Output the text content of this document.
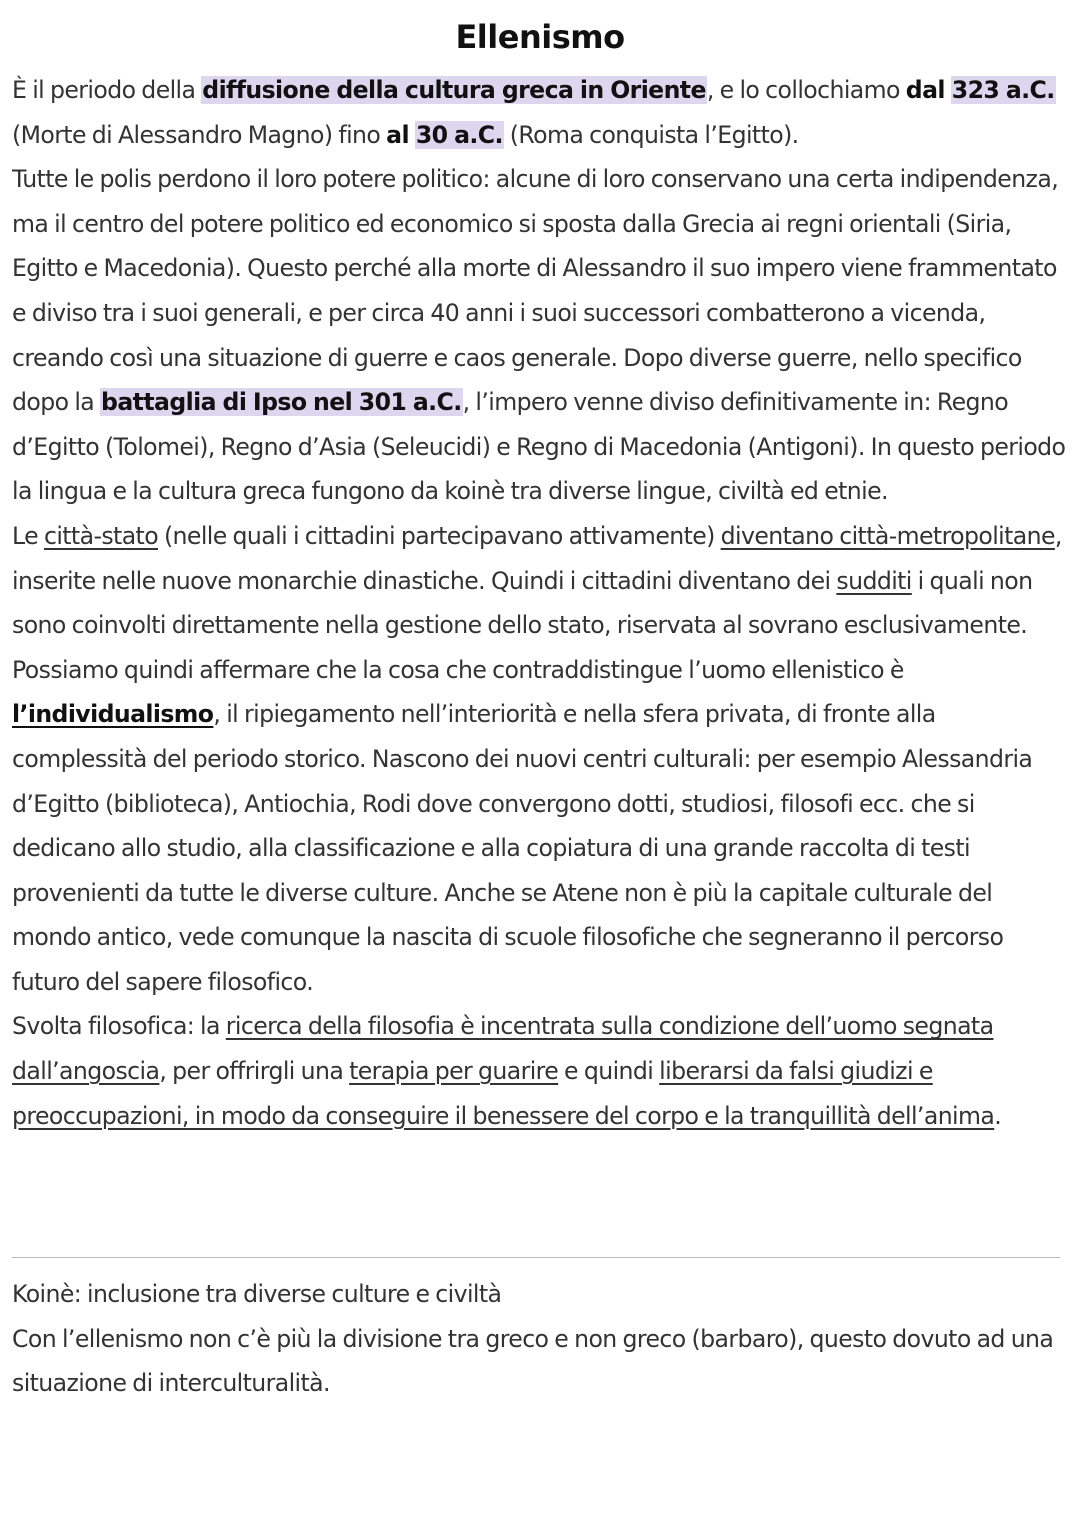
Ellenismo

È il periodo della diffusione della cultura greca in Oriente, e lo collochiamo dal 323 a.C. (Morte di Alessandro Magno) fino al 30 a.C. (Roma conquista l’Egitto).

Tutte le polis perdono il loro potere politico: alcune di loro conservano una certa indipendenza, ma il centro del potere politico ed economico si sposta dalla Grecia ai regni orientali (Siria, Egitto e Macedonia). Questo perché alla morte di Alessandro il suo impero viene frammentato e diviso tra i suoi generali, e per circa 40 anni i suoi successori combatterono a vicenda, creando così una situazione di guerre e caos generale. Dopo diverse guerre, nello specifico dopo la battaglia di Ipso nel 301 a.C., l’impero venne diviso definitivamente in: Regno d’Egitto (Tolomei), Regno d’Asia (Seleucidi) e Regno di Macedonia (Antigoni). In questo periodo la lingua e la cultura greca fungono da koinè tra diverse lingue, civiltà ed etnie.

Le città-stato (nelle quali i cittadini partecipavano attivamente) diventano città-metropolitane, inserite nelle nuove monarchie dinastiche. Quindi i cittadini diventano dei sudditi i quali non sono coinvolti direttamente nella gestione dello stato, riservata al sovrano esclusivamente. Possiamo quindi affermare che la cosa che contraddistingue l’uomo ellenistico è l’individualismo, il ripiegamento nell’interiorità e nella sfera privata, di fronte alla complessità del periodo storico. Nascono dei nuovi centri culturali: per esempio Alessandria d’Egitto (biblioteca), Antiochia, Rodi dove convergono dotti, studiosi, filosofi ecc. che si dedicano allo studio, alla classificazione e alla copiatura di una grande raccolta di testi provenienti da tutte le diverse culture. Anche se Atene non è più la capitale culturale del mondo antico, vede comunque la nascita di scuole filosofiche che segneranno il percorso futuro del sapere filosofico.

Svolta filosofica: la ricerca della filosofia è incentrata sulla condizione dell’uomo segnata dall’angoscia, per offrirgli una terapia per guarire e quindi liberarsi da falsi giudizi e preoccupazioni, in modo da conseguire il benessere del corpo e la tranquillità dell’anima.

Koinè: inclusione tra diverse culture e civiltà

Con l’ellenismo non c’è più la divisione tra greco e non greco (barbaro), questo dovuto ad una situazione di interculturalità.
